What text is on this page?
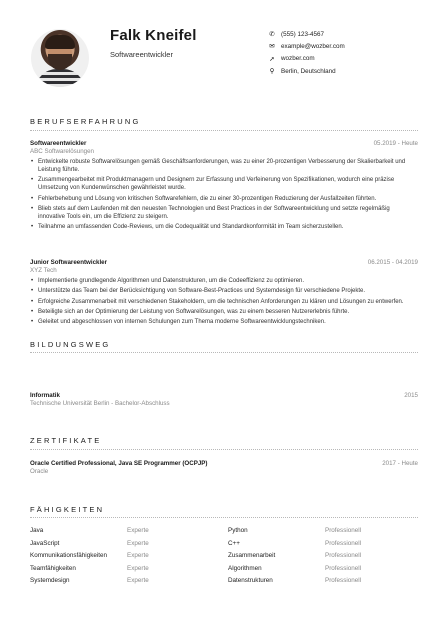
Falk Kneifel
Softwareentwickler
✆ (555) 123-4567
✉ example@wozber.com
➚ wozber.com
⚲ Berlin, Deutschland
BERUFSERFAHRUNG
Softwareentwickler	05.2019 - Heute
ABC Softwarelösungen
• Entwickelte robuste Softwarelösungen gemäß Geschäftsanforderungen, was zu einer 20-prozentigen Verbesserung der Skalierbarkeit und Leistung führte.
• Zusammengearbeitet mit Produktmanagern und Designern zur Erfassung und Verfeinerung von Spezifikationen, wodurch eine präzise Umsetzung von Kundenwünschen gewährleistet wurde.
• Fehlerbehebung und Lösung von kritischen Softwarefehlern, die zu einer 30-prozentigen Reduzierung der Ausfallzeiten führten.
• Blieb stets auf dem Laufenden mit den neuesten Technologien und Best Practices in der Softwareentwicklung und setzte regelmäßig innovative Tools ein, um die Effizienz zu steigern.
• Teilnahme an umfassenden Code-Reviews, um die Codequalität und Standardkonformität im Team sicherzustellen.
Junior Softwareentwickler	06.2015 - 04.2019
XYZ Tech
• Implementierte grundlegende Algorithmen und Datenstrukturen, um die Codeeffizienz zu optimieren.
• Unterstützte das Team bei der Berücksichtigung von Software-Best-Practices und Systemdesign für verschiedene Projekte.
• Erfolgreiche Zusammenarbeit mit verschiedenen Stakeholdern, um die technischen Anforderungen zu klären und Lösungen zu entwerfen.
• Beteiligte sich an der Optimierung der Leistung von Softwarelösungen, was zu einem besseren Nutzererlebnis führte.
• Geleitet und abgeschlossen von internen Schulungen zum Thema moderne Softwareentwicklungstechniken.
BILDUNGSWEG
Informatik	2015
Technische Universität Berlin - Bachelor-Abschluss
ZERTIFIKATE
Oracle Certified Professional, Java SE Programmer (OCPJP)	2017 - Heute
Oracle
FÄHIGKEITEN
Java	Experte	Python	Professionell
JavaScript	Experte	C++	Professionell
Kommunikationsfähigkeiten	Experte	Zusammenarbeit	Professionell
Teamfähigkeiten	Experte	Algorithmen	Professionell
Systemdesign	Experte	Datenstrukturen	Professionell
